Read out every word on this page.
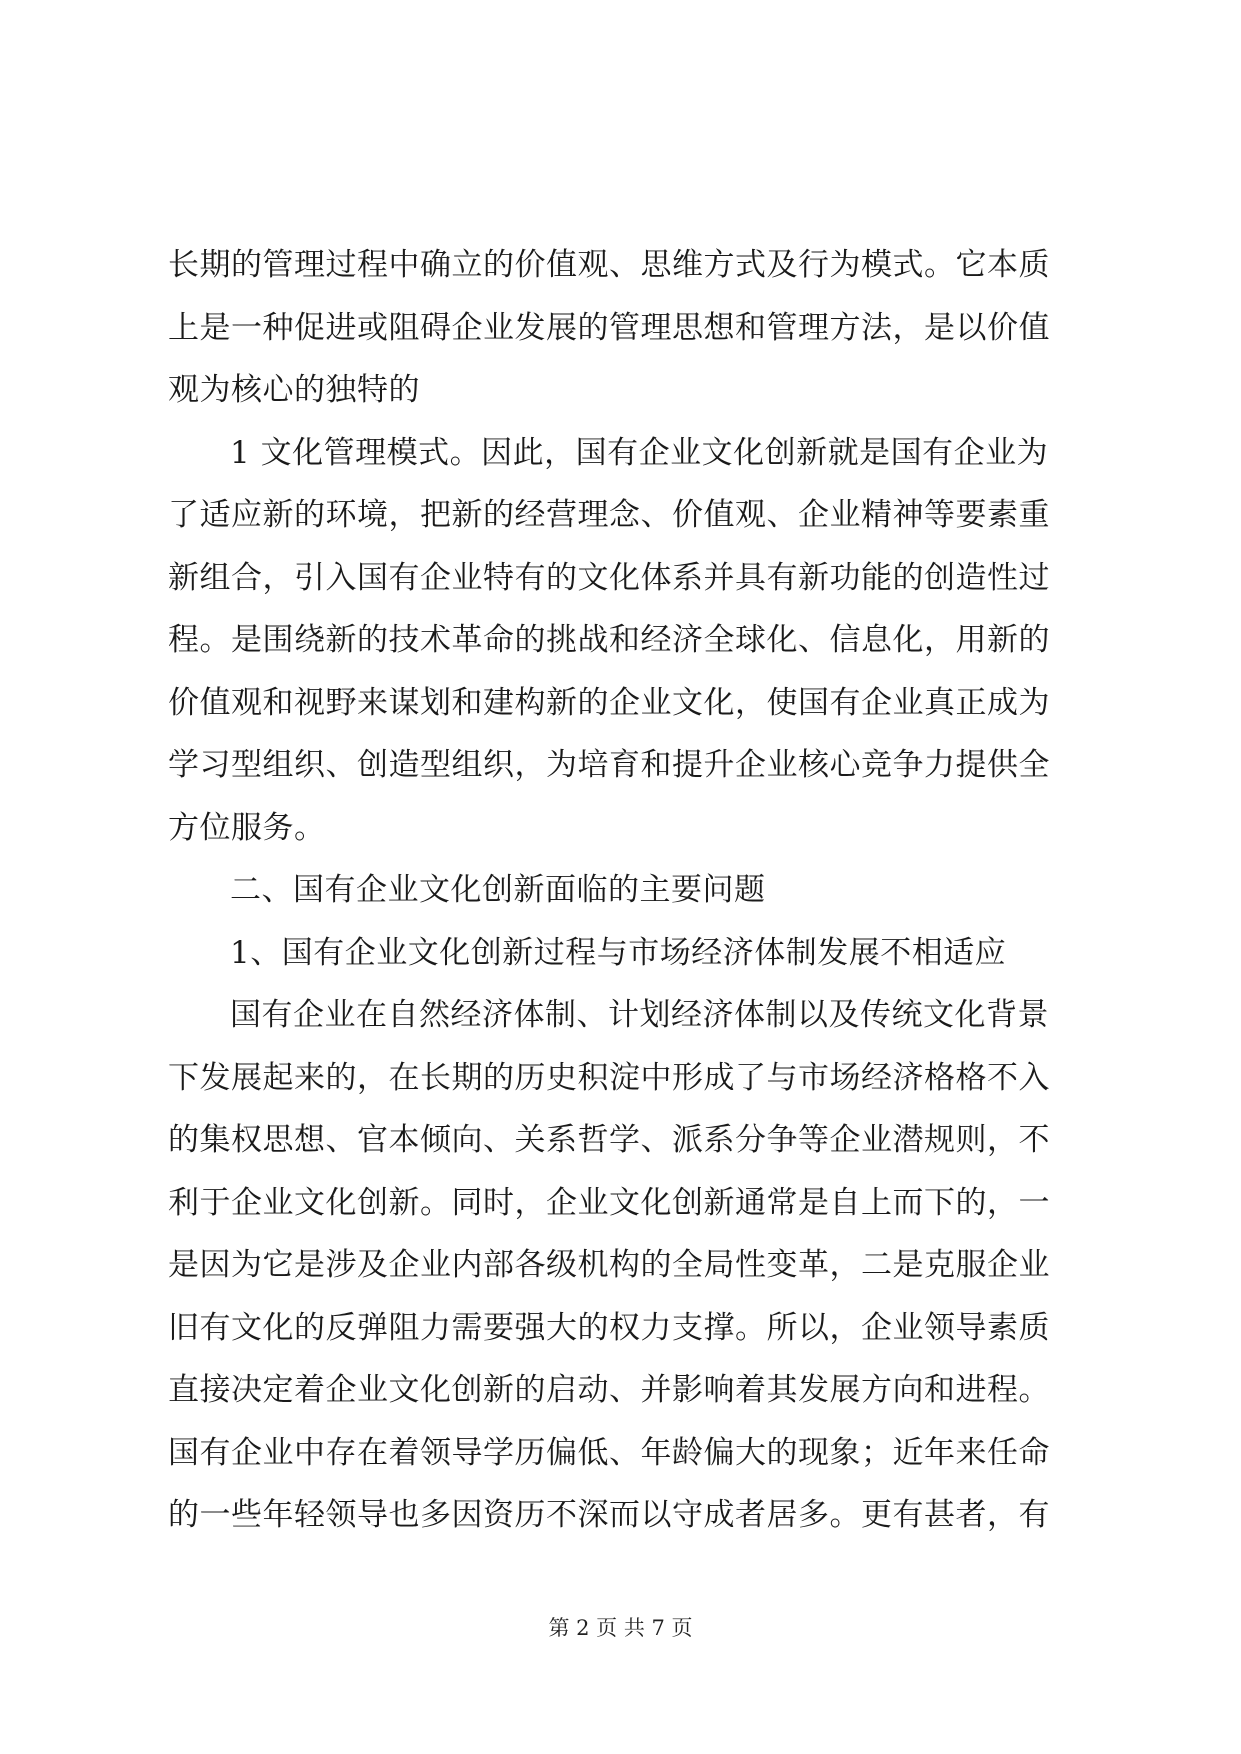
长期的管理过程中确立的价值观、思维方式及行为模式。它本质
上是一种促进或阻碍企业发展的管理思想和管理方法，是以价值
观为核心的独特的
1 文化管理模式。因此，国有企业文化创新就是国有企业为
了适应新的环境，把新的经营理念、价值观、企业精神等要素重
新组合，引入国有企业特有的文化体系并具有新功能的创造性过
程。是围绕新的技术革命的挑战和经济全球化、信息化，用新的
价值观和视野来谋划和建构新的企业文化，使国有企业真正成为
学习型组织、创造型组织，为培育和提升企业核心竞争力提供全
方位服务。
二、国有企业文化创新面临的主要问题
1、国有企业文化创新过程与市场经济体制发展不相适应
国有企业在自然经济体制、计划经济体制以及传统文化背景
下发展起来的，在长期的历史积淀中形成了与市场经济格格不入
的集权思想、官本倾向、关系哲学、派系分争等企业潜规则，不
利于企业文化创新。同时，企业文化创新通常是自上而下的，一
是因为它是涉及企业内部各级机构的全局性变革，二是克服企业
旧有文化的反弹阻力需要强大的权力支撑。所以，企业领导素质
直接决定着企业文化创新的启动、并影响着其发展方向和进程。
国有企业中存在着领导学历偏低、年龄偏大的现象；近年来任命
的一些年轻领导也多因资历不深而以守成者居多。更有甚者，有
第 2 页 共 7 页
